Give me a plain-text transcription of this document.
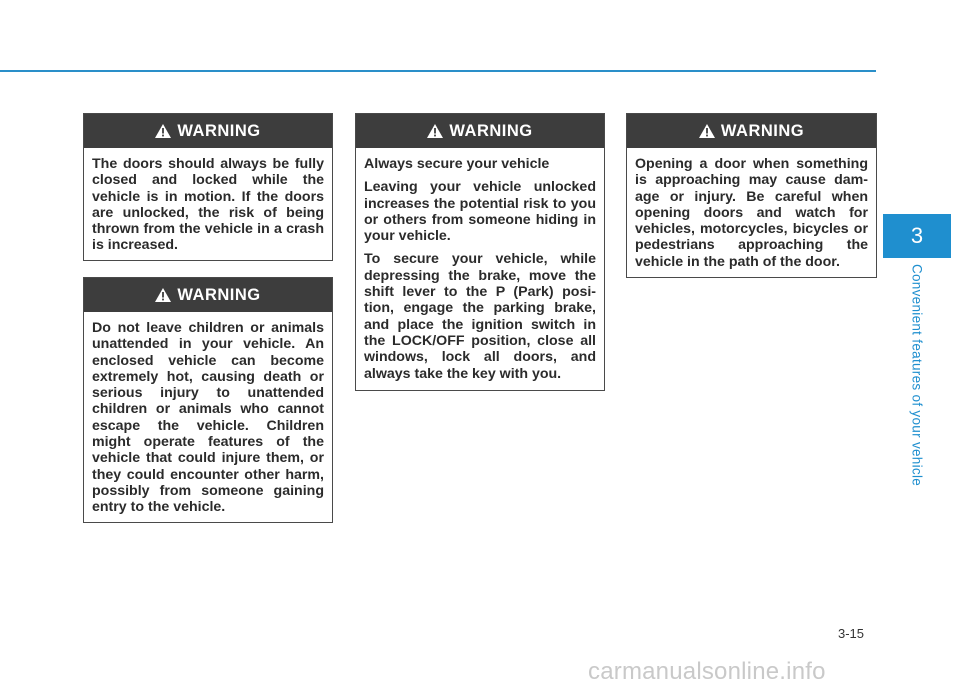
WARNING

The doors should always be fully closed and locked while the vehicle is in motion. If the doors are unlocked, the risk of being thrown from the vehicle in a crash is increased.

WARNING

Do not leave children or animals unattended in your vehicle. An enclosed vehicle can become extremely hot, causing death or serious injury to unattended children or animals who cannot escape the vehicle. Children might operate features of the vehicle that could injure them, or they could encounter other harm, possibly from someone gaining entry to the vehicle.

WARNING

Always secure your vehicle

Leaving your vehicle unlocked increases the potential risk to you or others from someone hiding in your vehicle.

To secure your vehicle, while depressing the brake, move the shift lever to the P (Park) posi-tion, engage the parking brake, and place the ignition switch in the LOCK/OFF position, close all windows, lock all doors, and always take the key with you.

WARNING

Opening a door when something is approaching may cause dam-age or injury. Be careful when opening doors and watch for vehicles, motorcycles, bicycles or pedestrians approaching the vehicle in the path of the door.

3
Convenient features of your vehicle
3-15
carmanualsonline.info
